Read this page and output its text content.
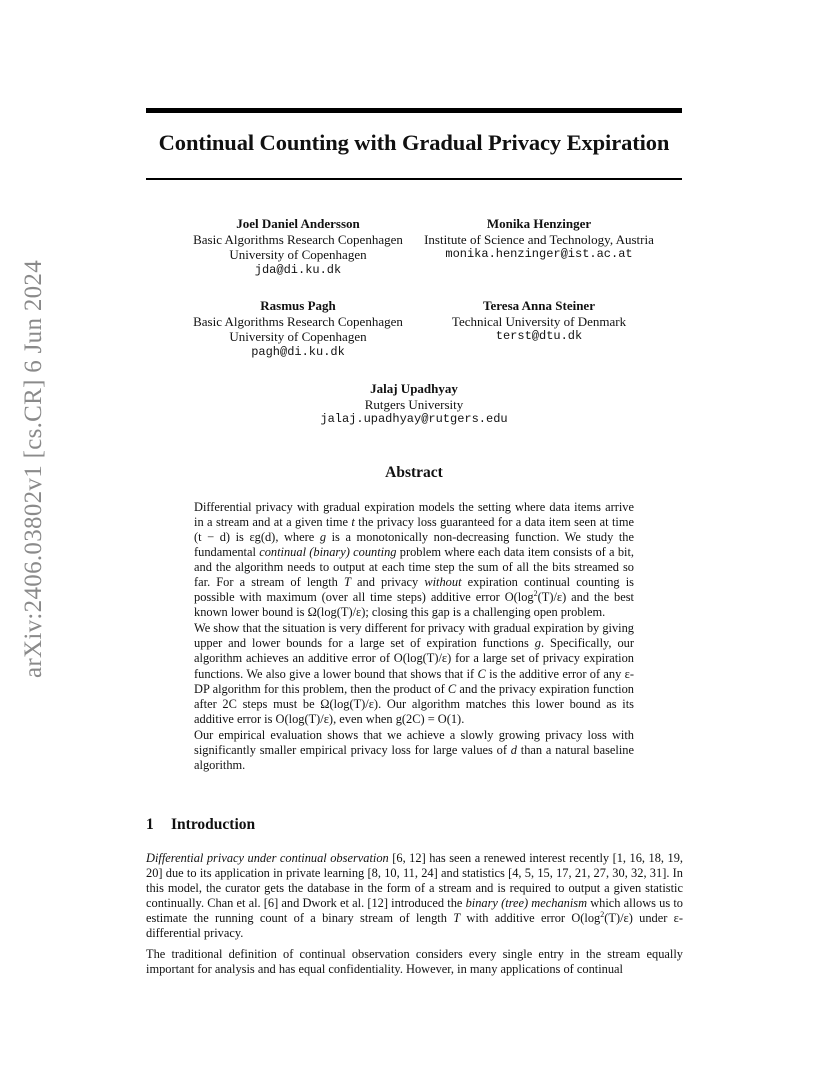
arXiv:2406.03802v1 [cs.CR] 6 Jun 2024
Continual Counting with Gradual Privacy Expiration
Joel Daniel Andersson
Basic Algorithms Research Copenhagen
University of Copenhagen
jda@di.ku.dk
Monika Henzinger
Institute of Science and Technology, Austria
monika.henzinger@ist.ac.at
Rasmus Pagh
Basic Algorithms Research Copenhagen
University of Copenhagen
pagh@di.ku.dk
Teresa Anna Steiner
Technical University of Denmark
terst@dtu.dk
Jalaj Upadhyay
Rutgers University
jalaj.upadhyay@rutgers.edu
Abstract

Differential privacy with gradual expiration models the setting where data items arrive in a stream and at a given time t the privacy loss guaranteed for a data item seen at time (t − d) is εg(d), where g is a monotonically non-decreasing function. We study the fundamental continual (binary) counting problem where each data item consists of a bit, and the algorithm needs to output at each time step the sum of all the bits streamed so far. For a stream of length T and privacy without expiration continual counting is possible with maximum (over all time steps) additive error $O(\log^2(T)/\varepsilon)$ and the best known lower bound is Ω(log(T)/ε); closing this gap is a challenging open problem.

We show that the situation is very different for privacy with gradual expiration by giving upper and lower bounds for a large set of expiration functions g. Specifically, our algorithm achieves an additive error of O(log(T)/ε) for a large set of privacy expiration functions. We also give a lower bound that shows that if C is the additive error of any ε-DP algorithm for this problem, then the product of C and the privacy expiration function after 2C steps must be Ω(log(T)/ε). Our algorithm matches this lower bound as its additive error is O(log(T)/ε), even when g(2C) = O(1).

Our empirical evaluation shows that we achieve a slowly growing privacy loss with significantly smaller empirical privacy loss for large values of d than a natural baseline algorithm.

1 Introduction

Differential privacy under continual observation [6, 12] has seen a renewed interest recently [1, 16, 18, 19, 20] due to its application in private learning [8, 10, 11, 24] and statistics [4, 5, 15, 17, 21, 27, 30, 32, 31]. In this model, the curator gets the database in the form of a stream and is required to output a given statistic continually. Chan et al. [6] and Dwork et al. [12] introduced the binary (tree) mechanism which allows us to estimate the running count of a binary stream of length T with additive error $O(\log^2(T)/\varepsilon)$ under ε-differential privacy.

The traditional definition of continual observation considers every single entry in the stream equally important for analysis and has equal confidentiality. However, in many applications of continual
